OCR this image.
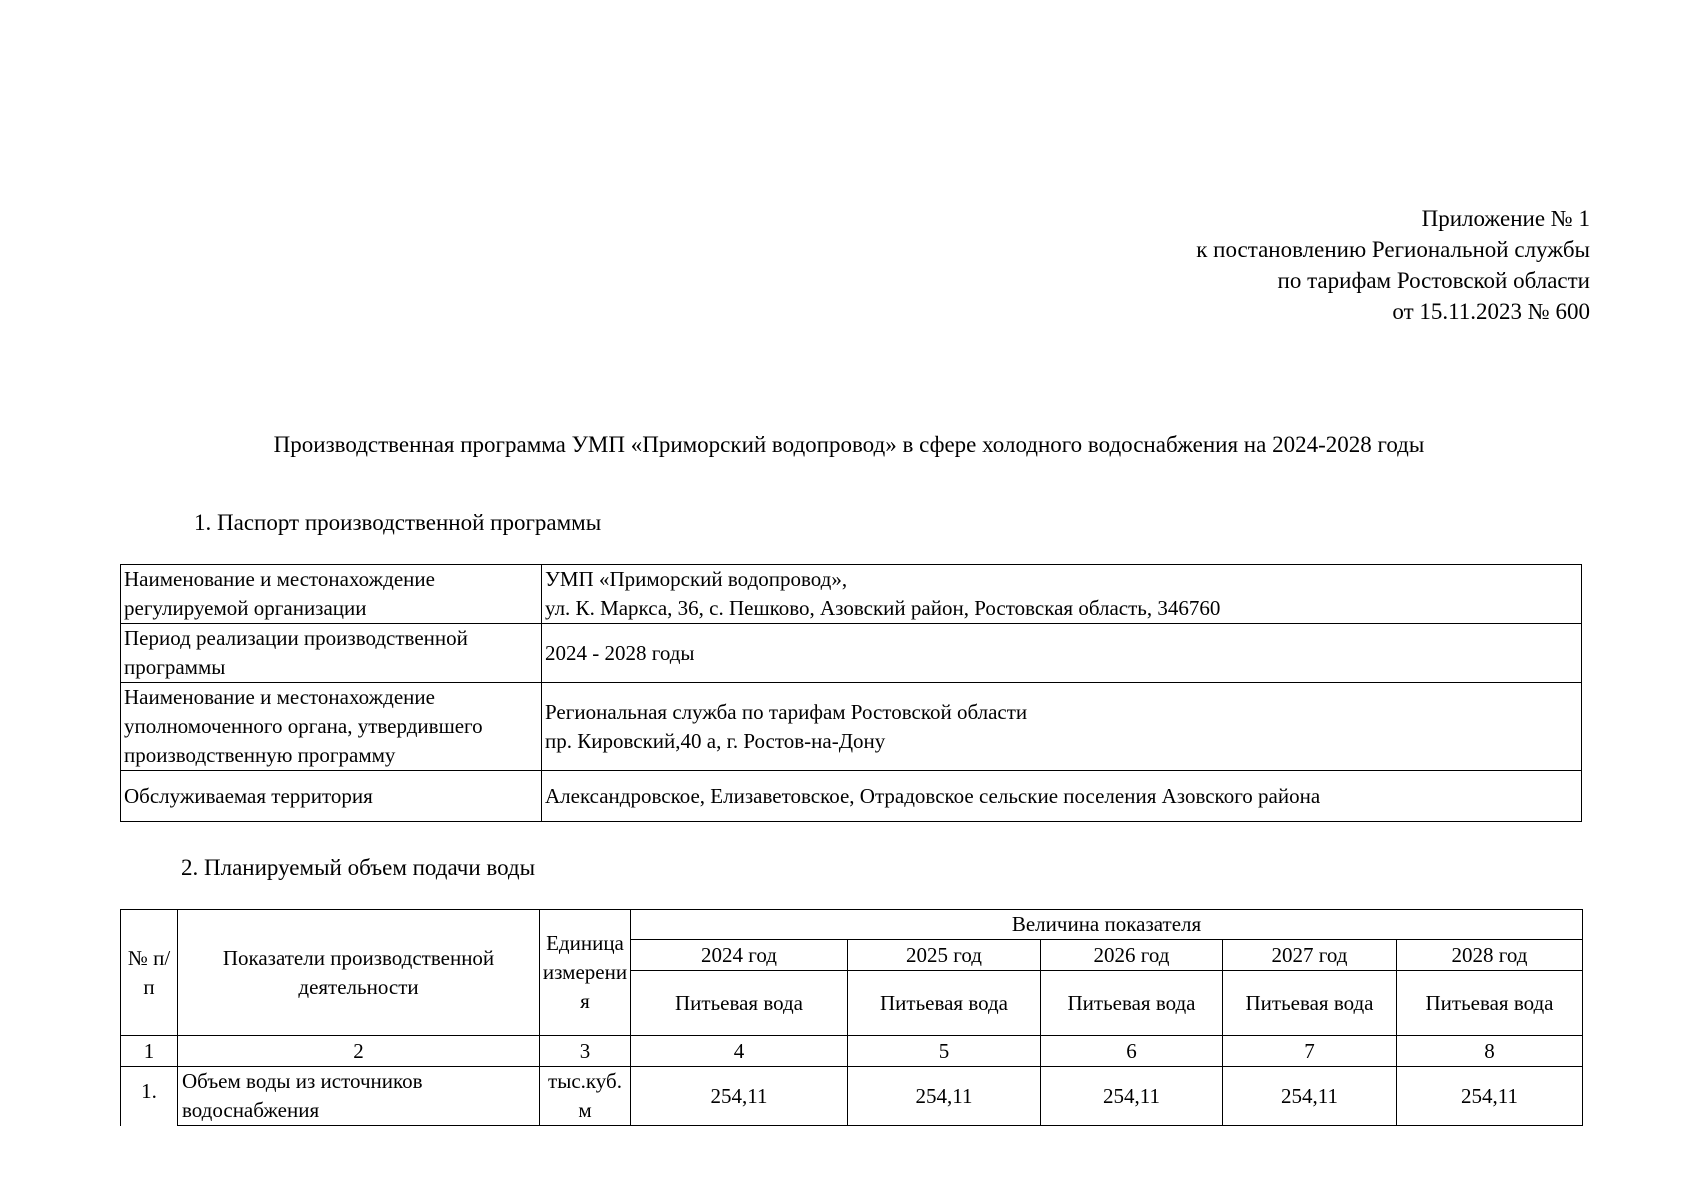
Приложение № 1
к постановлению Региональной службы
по тарифам Ростовской области
от 15.11.2023 № 600
Производственная программа УМП «Приморский водопровод» в сфере холодного водоснабжения на 2024-2028 годы
1. Паспорт производственной программы
Наименование и местонахождение регулируемой организации	УМП «Приморский водопровод»,
ул. К. Маркса, 36, с. Пешково, Азовский район, Ростовская область, 346760

Период реализации производственной программы	2024 - 2028 годы
Наименование и местонахождение уполномоченного органа, утвердившего производственную программу	Региональная служба по тарифам Ростовской области
пр. Кировский,40 а, г. Ростов-на-Дону

Обслуживаемая территория	Александровское, Елизаветовское, Отрадовское сельские поселения Азовского района
2. Планируемый объем подачи воды
№ п/п	Показатели производственной деятельности	Единица измерения	Величина показателя				
			2024 год	2025 год	2026 год	2027 год	2028 год
			Питьевая вода	Питьевая вода	Питьевая вода	Питьевая вода	Питьевая вода
1	2	3	4	5	6	7	8
1.	Объем воды из источников водоснабжения	тыс.куб.м	254,11	254,11	254,11	254,11	254,11
